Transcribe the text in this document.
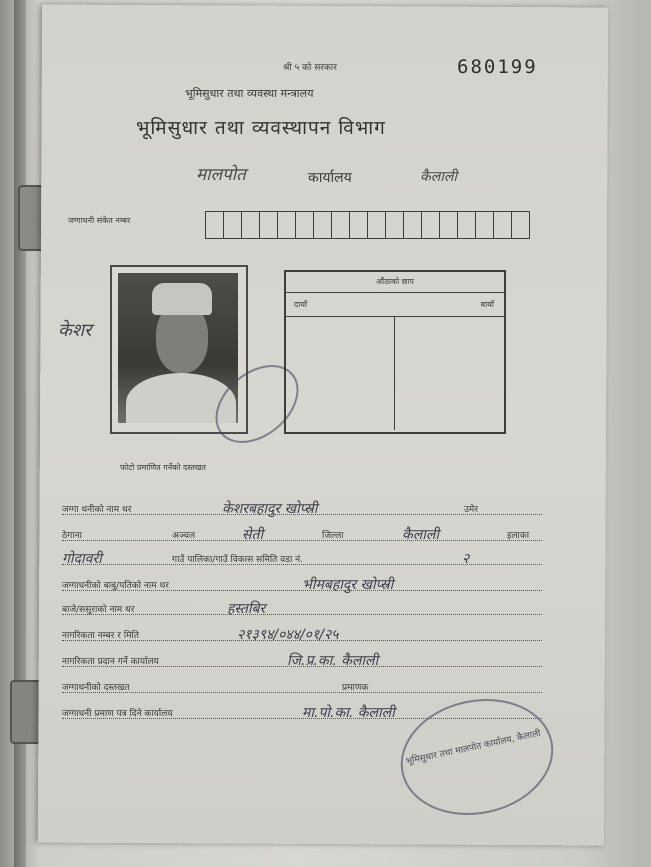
श्री ५ को सरकार	680199
भूमिसुधार तथा व्यवस्था मन्त्रालय
भूमिसुधार तथा व्यवस्थापन विभाग
मालपोत	कार्यालय	कैलाली
जग्गाधनी संकेत नम्बर
केशर
फोटो प्रमाणित गर्नेको दस्तखत
औंठाको छाप
दायाँ	बायाँ
जग्गा धनीको नाम थर	केशरबहादुर खोप्स्री	उमेर
ठेगाना	अञ्चल	सेती	जिल्ला	कैलाली	इलाका
गोदावरी	गाउँ पालिका/गाउँ विकास समिति वडा नं.	२
जग्गाधनीको बाबु/पतिको नाम थर	भीमबहादुर खोप्स्री
बाजे/ससुराको नाम थर	हस्तबिर
नागरिकता नम्बर र मिति	२१३९४/०४४/०१/२५
नागरिकता प्रदान गर्ने कार्यालय	जि.प्र.का. कैलाली
जग्गाधनीको दस्तखत	प्रमाणक
जग्गाधनी प्रमाण पत्र दिने कार्यालय	मा.पो.का. कैलाली
भूमिसुधार तथा मालपोत कार्यालय, कैलाली
